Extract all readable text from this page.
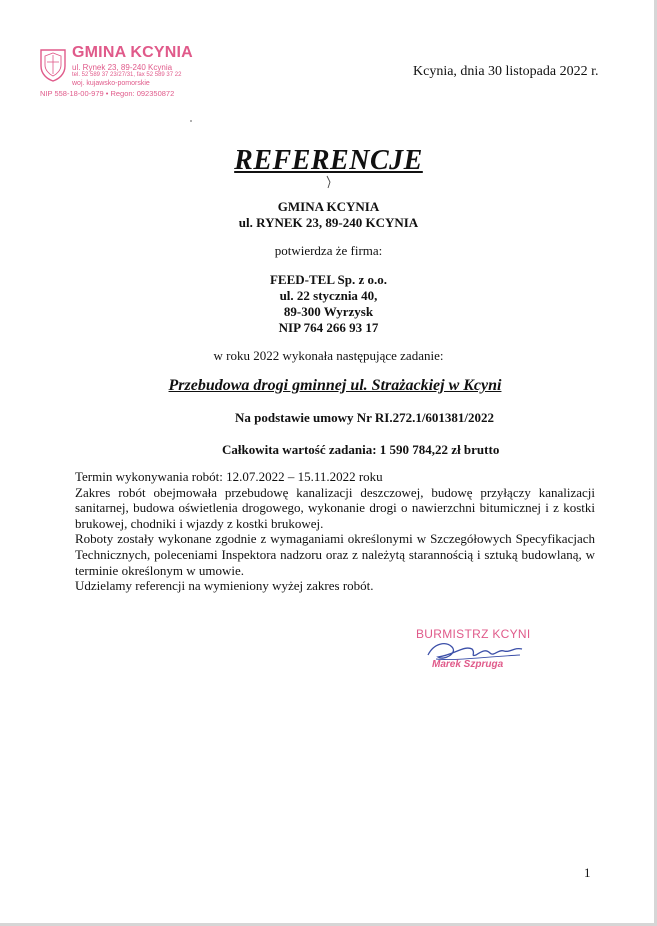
GMINA KCYNIA
ul. Rynek 23, 89-240 Kcynia
tel. 52 589 37 23/27/31, fax 52 589 37 22
woj. kujawsko-pomorskie
NIP 558-18-00-979 • Regon: 092350872
Kcynia, dnia 30 listopada 2022 r.
REFERENCJE
GMINA KCYNIA
ul. RYNEK 23, 89-240 KCYNIA
potwierdza że firma:
FEED-TEL Sp. z o.o.
ul. 22 stycznia 40,
89-300 Wyrzysk
NIP 764 266 93 17
w roku 2022 wykonała następujące zadanie:
Przebudowa drogi gminnej ul. Strażackiej w Kcyni
Na podstawie umowy Nr RI.272.1/601381/2022
Całkowita wartość zadania: 1 590 784,22 zł brutto

Termin wykonywania robót: 12.07.2022 – 15.11.2022 roku

Zakres robót obejmowała przebudowę kanalizacji deszczowej, budowę przyłączy kanalizacji sanitarnej, budowa oświetlenia drogowego, wykonanie drogi o nawierzchni bitumicznej i z kostki brukowej, chodniki i wjazdy z kostki brukowej.

Roboty zostały wykonane zgodnie z wymaganiami określonymi w Szczegółowych Specyfikacjach Technicznych, poleceniami Inspektora nadzoru oraz z należytą starannością i sztuką budowlaną, w terminie określonym w umowie.

Udzielamy referencji na wymieniony wyżej zakres robót.

BURMISTRZ KCYNI
Marek Szpruga
1
